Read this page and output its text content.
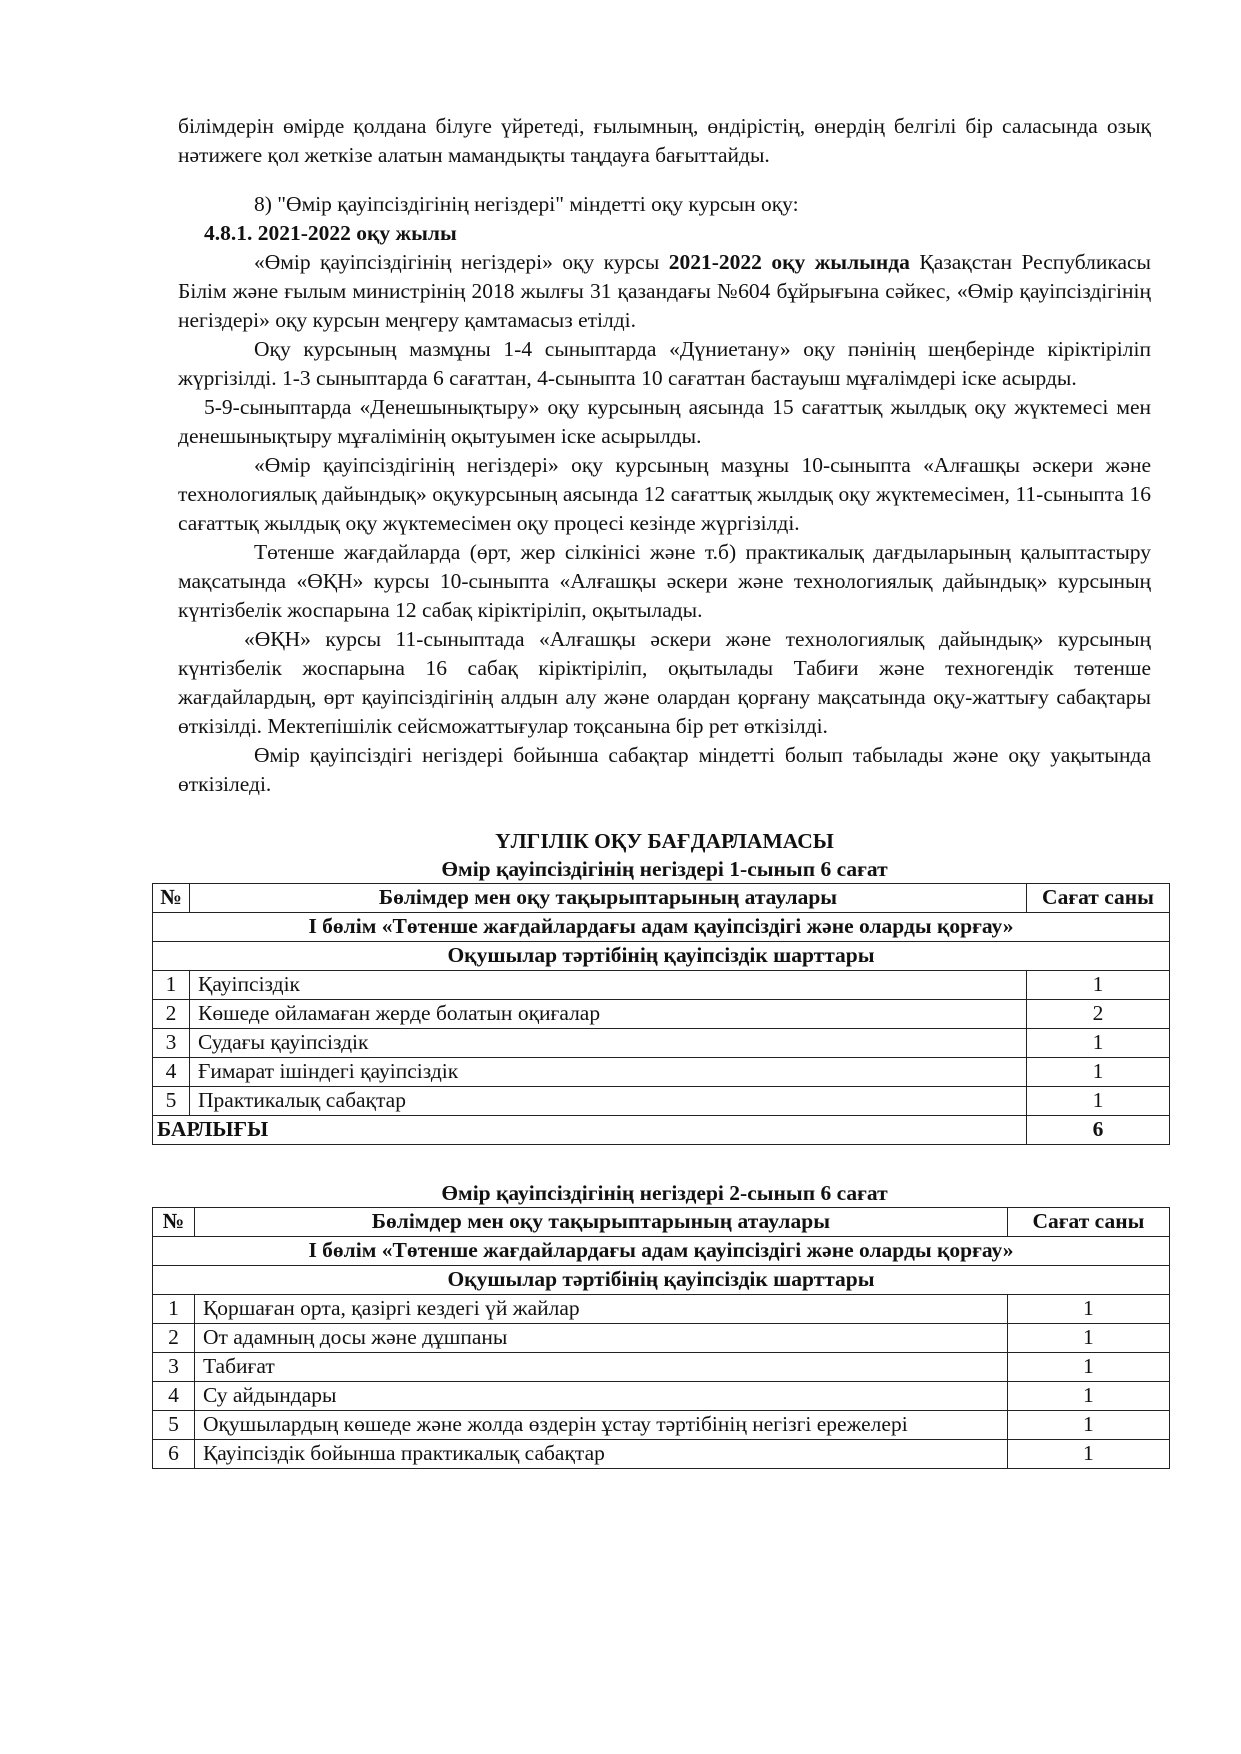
білімдерін өмірде қолдана білуге үйретеді, ғылымның, өндірістің, өнердің белгілі бір саласында озық нәтижеге қол жеткізе алатын мамандықты таңдауға бағыттайды.

8) "Өмір қауіпсіздігінің негіздері" міндетті оқу курсын оқу:

4.8.1. 2021-2022 оқу жылы

«Өмір қауіпсіздігінің негіздері» оқу курсы 2021-2022 оқу жылында Қазақстан Республикасы Білім және ғылым министрінің 2018 жылғы 31 қазандағы №604 бұйрығына сәйкес, «Өмір қауіпсіздігінің негіздері» оқу курсын меңгеру қамтамасыз етілді.

Оқу курсының мазмұны 1-4 сыныптарда «Дүниетану» оқу пәнінің шеңберінде кіріктіріліп жүргізілді. 1-3 сыныптарда 6 сағаттан, 4-сыныпта 10 сағаттан бастауыш мұғалімдері іске асырды.

5-9-сыныптарда «Денешынықтыру» оқу курсының аясында 15 сағаттық жылдық оқу жүктемесі мен денешынықтыру мұғалімінің оқытуымен іске асырылды.

«Өмір қауіпсіздігінің негіздері» оқу курсының мазұны 10-сыныпта «Алғашқы әскери және технологиялық дайындық» оқукурсының аясында 12 сағаттық жылдық оқу жүктемесімен, 11-сыныпта 16 сағаттық жылдық оқу жүктемесімен оқу процесі кезінде жүргізілді.

Төтенше жағдайларда (өрт, жер сілкінісі және т.б) практикалық дағдыларының қалыптастыру мақсатында «ӨҚН» курсы 10-сыныпта «Алғашқы әскери және технологиялық дайындық» курсының күнтізбелік жоспарына 12 сабақ кіріктіріліп, оқытылады.

«ӨҚН» курсы 11-сыныптада «Алғашқы әскери және технологиялық дайындық» курсының күнтізбелік жоспарына 16 сабақ кіріктіріліп, оқытылады Табиғи және техногендік төтенше жағдайлардың, өрт қауіпсіздігінің алдын алу және олардан қорғану мақсатында оқу-жаттығу сабақтары өткізілді. Мектепішілік сейсможаттығулар тоқсанына бір рет өткізілді.

Өмір қауіпсіздігі негіздері бойынша сабақтар міндетті болып табылады және оқу уақытында өткізіледі.

ҮЛГІЛІК ОҚУ БАҒДАРЛАМАСЫ
Өмір қауіпсіздігінің негіздері 1-сынып 6 сағат
№	Бөлімдер мен оқу тақырыптарының атаулары	Сағат саны
І бөлім «Төтенше жағдайлардағы адам қауіпсіздігі және оларды қорғау»		
Оқушылар тәртібінің қауіпсіздік шарттары		
1	Қауіпсіздік	1
2	Көшеде ойламаған жерде болатын оқиғалар	2
3	Судағы қауіпсіздік	1
4	Ғимарат ішіндегі қауіпсіздік	1
5	Практикалық сабақтар	1
БАРЛЫҒЫ		6
Өмір қауіпсіздігінің негіздері 2-сынып 6 сағат
№	Бөлімдер мен оқу тақырыптарының атаулары	Сағат саны
І бөлім «Төтенше жағдайлардағы адам қауіпсіздігі және оларды қорғау»		
Оқушылар тәртібінің қауіпсіздік шарттары		
1	Қоршаған орта, қазіргі кездегі үй жайлар	1
2	От адамның досы және дұшпаны	1
3	Табиғат	1
4	Су айдындары	1
5	Оқушылардың көшеде және жолда өздерін ұстау тәртібінің негізгі ережелері	1
6	Қауіпсіздік бойынша практикалық сабақтар	1
